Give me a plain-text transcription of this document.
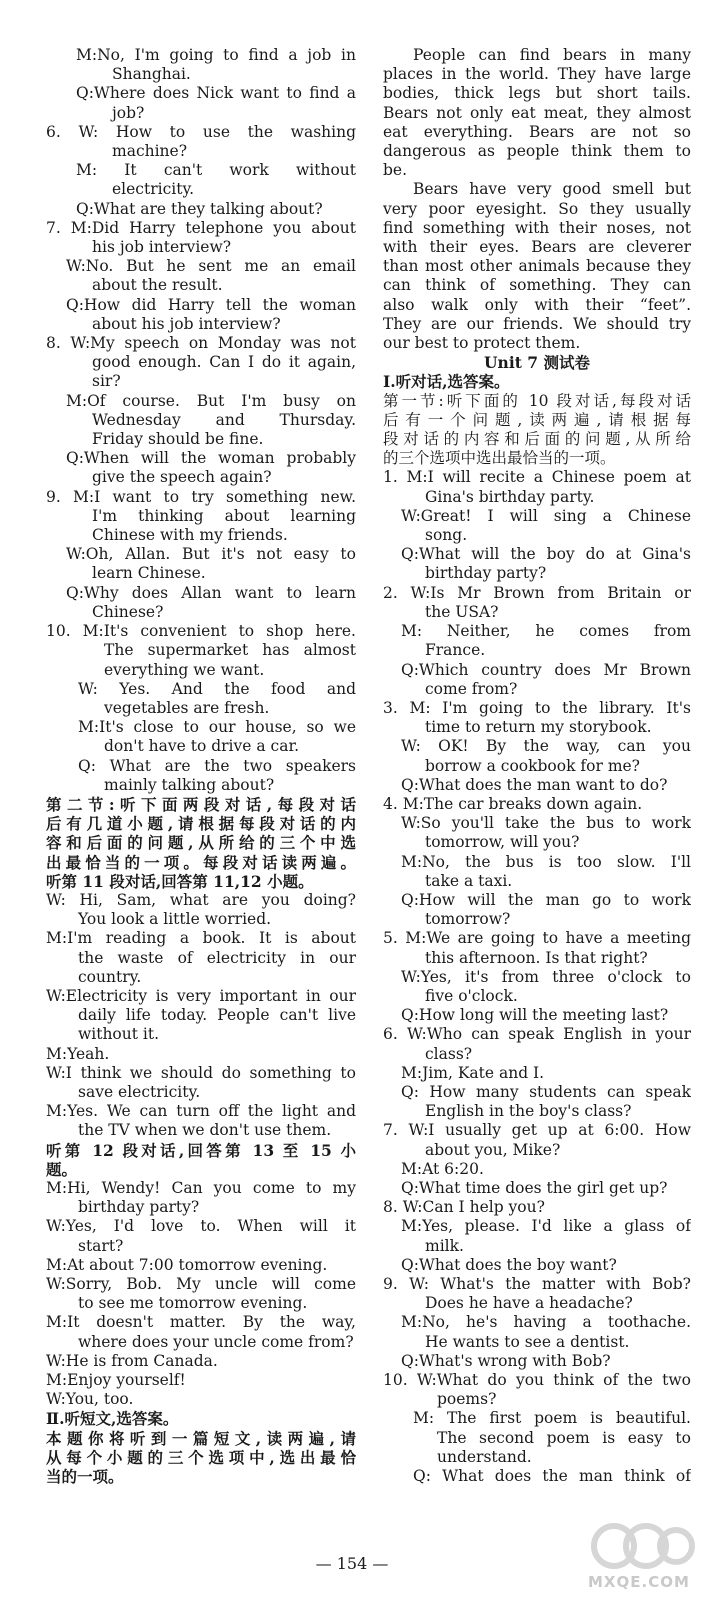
M:No, I'm going to find a job in
Shanghai.
Q:Where does Nick want to find a
job?
6. W: How to use the washing
machine?
M: It can't work without
electricity.
Q:What are they talking about?
7. M:Did Harry telephone you about
his job interview?
W:No. But he sent me an email
about the result.
Q:How did Harry tell the woman
about his job interview?
8. W:My speech on Monday was not
good enough. Can I do it again,
sir?
M:Of course. But I'm busy on
Wednesday and Thursday.
Friday should be fine.
Q:When will the woman probably
give the speech again?
9. M:I want to try something new.
I'm thinking about learning
Chinese with my friends.
W:Oh, Allan. But it's not easy to
learn Chinese.
Q:Why does Allan want to learn
Chinese?
10. M:It's convenient to shop here.
The supermarket has almost
everything we want.
W: Yes. And the food and
vegetables are fresh.
M:It's close to our house, so we
don't have to drive a car.
Q: What are the two speakers
mainly talking about?
第二节:听下面两段对话,每段对话
后有几道小题,请根据每段对话的内
容和后面的问题,从所给的三个中选
出最恰当的一项。每段对话读两遍。
听第 11 段对话,回答第 11,12 小题。
W: Hi, Sam, what are you doing?
You look a little worried.
M:I'm reading a book. It is about
the waste of electricity in our
country.
W:Electricity is very important in our
daily life today. People can't live
without it.
M:Yeah.
W:I think we should do something to
save electricity.
M:Yes. We can turn off the light and
the TV when we don't use them.
听第 12 段对话,回答第 13 至 15 小
题。
M:Hi, Wendy! Can you come to my
birthday party?
W:Yes, I'd love to. When will it
start?
M:At about 7:00 tomorrow evening.
W:Sorry, Bob. My uncle will come
to see me tomorrow evening.
M:It doesn't matter. By the way,
where does your uncle come from?
W:He is from Canada.
M:Enjoy yourself!
W:You, too.
Ⅱ.听短文,选答案。
本题你将听到一篇短文,读两遍,请
从每个小题的三个选项中,选出最恰
当的一项。
People can find bears in many
places in the world. They have large
bodies, thick legs but short tails.
Bears not only eat meat, they almost
eat everything. Bears are not so
dangerous as people think them to
be.
Bears have very good smell but
very poor eyesight. So they usually
find something with their noses, not
with their eyes. Bears are cleverer
than most other animals because they
can think of something. They can
also walk only with their “feet”.
They are our friends. We should try
our best to protect them.
Unit 7 测试卷
Ⅰ.听对话,选答案。
第一节:听下面的 10 段对话,每段对话
后有一个问题,读两遍,请根据每
段对话的内容和后面的问题,从所给
的三个选项中选出最恰当的一项。
1. M:I will recite a Chinese poem at
Gina's birthday party.
W:Great! I will sing a Chinese
song.
Q:What will the boy do at Gina's
birthday party?
2. W:Is Mr Brown from Britain or
the USA?
M: Neither, he comes from
France.
Q:Which country does Mr Brown
come from?
3. M: I'm going to the library. It's
time to return my storybook.
W: OK! By the way, can you
borrow a cookbook for me?
Q:What does the man want to do?
4. M:The car breaks down again.
W:So you'll take the bus to work
tomorrow, will you?
M:No, the bus is too slow. I'll
take a taxi.
Q:How will the man go to work
tomorrow?
5. M:We are going to have a meeting
this afternoon. Is that right?
W:Yes, it's from three o'clock to
five o'clock.
Q:How long will the meeting last?
6. W:Who can speak English in your
class?
M:Jim, Kate and I.
Q: How many students can speak
English in the boy's class?
7. W:I usually get up at 6:00. How
about you, Mike?
M:At 6:20.
Q:What time does the girl get up?
8. W:Can I help you?
M:Yes, please. I'd like a glass of
milk.
Q:What does the boy want?
9. W: What's the matter with Bob?
Does he have a headache?
M:No, he's having a toothache.
He wants to see a dentist.
Q:What's wrong with Bob?
10. W:What do you think of the two
poems?
M: The first poem is beautiful.
The second poem is easy to
understand.
Q: What does the man think of
— 154 —
MXQE.COM
